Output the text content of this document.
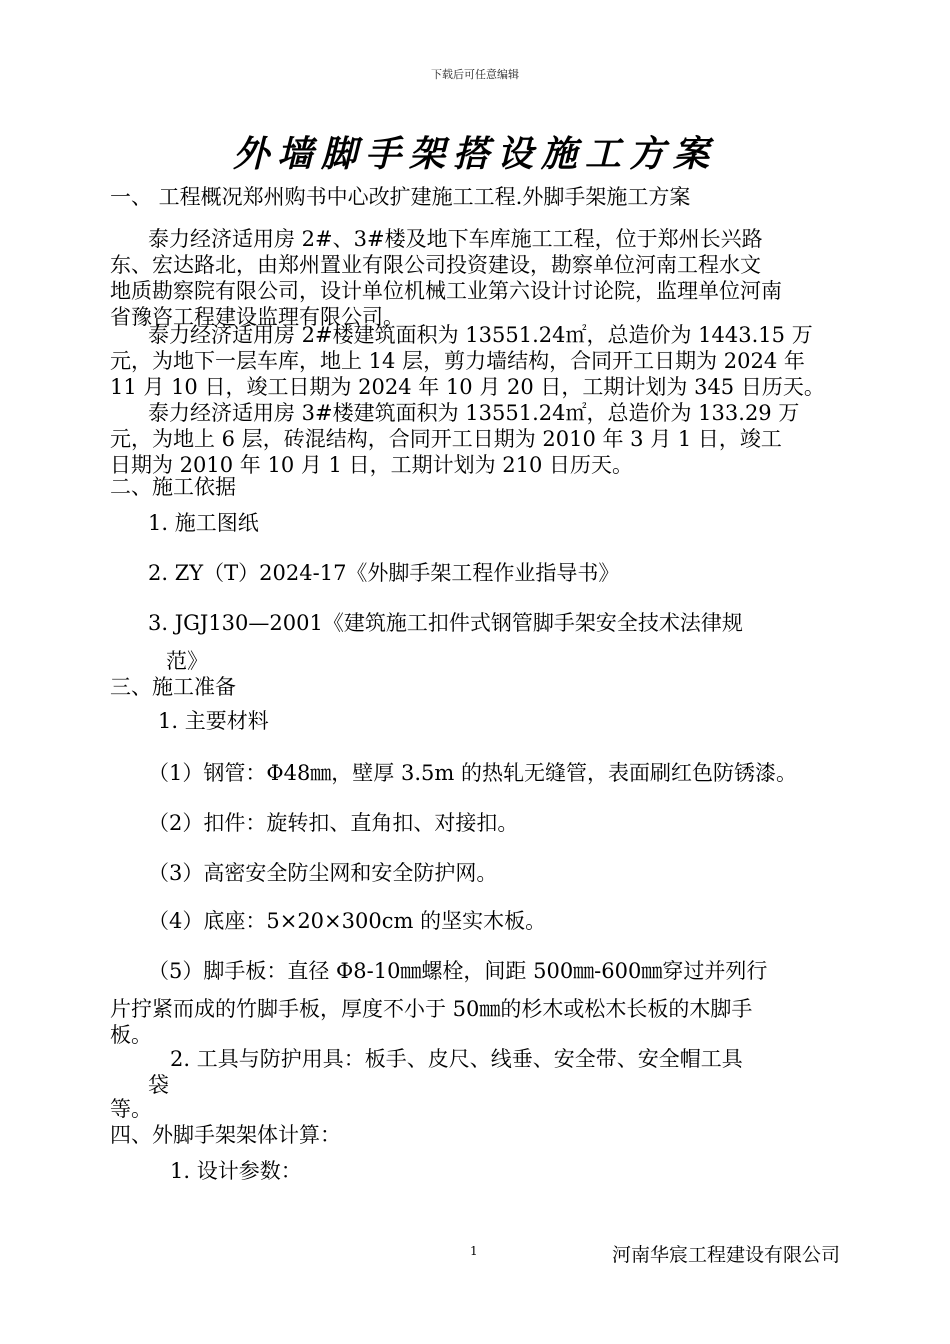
下载后可任意编辑
外墙脚手架搭设施工方案
一、 工程概况郑州购书中心改扩建施工工程.外脚手架施工方案
泰力经济适用房 2#、3#楼及地下车库施工工程，位于郑州长兴路
东、宏达路北，由郑州置业有限公司投资建设，勘察单位河南工程水文
地质勘察院有限公司，设计单位机械工业第六设计讨论院，监理单位河南
省豫咨工程建设监理有限公司。
泰力经济适用房 2#楼建筑面积为 13551.24㎡，总造价为 1443.15 万
元，为地下一层车库，地上 14 层，剪力墙结构，合同开工日期为 2024 年
11 月 10 日，竣工日期为 2024 年 10 月 20 日，工期计划为 345 日历天。
泰力经济适用房 3#楼建筑面积为 13551.24㎡，总造价为 133.29 万
元，为地上 6 层，砖混结构，合同开工日期为 2010 年 3 月 1 日，竣工
日期为 2010 年 10 月 1 日，工期计划为 210 日历天。
二、施工依据
1. 施工图纸
2. ZY（T）2024-17《外脚手架工程作业指导书》
3. JGJ130—2001《建筑施工扣件式钢管脚手架安全技术法律规
范》
三、施工准备
1. 主要材料
（1）钢管：Φ48㎜，壁厚 3.5m 的热轧无缝管，表面刷红色防锈漆。
（2）扣件：旋转扣、直角扣、对接扣。
（3）高密安全防尘网和安全防护网。
（4）底座：5×20×300cm 的坚实木板。
（5）脚手板：直径 Φ8-10㎜螺栓，间距 500㎜-600㎜穿过并列行
片拧紧而成的竹脚手板，厚度不小于 50㎜的杉木或松木长板的木脚手
板。
2. 工具与防护用具：板手、皮尺、线垂、安全带、安全帽工具
袋
等。
四、外脚手架架体计算：
1. 设计参数：
1	河南华宸工程建设有限公司
